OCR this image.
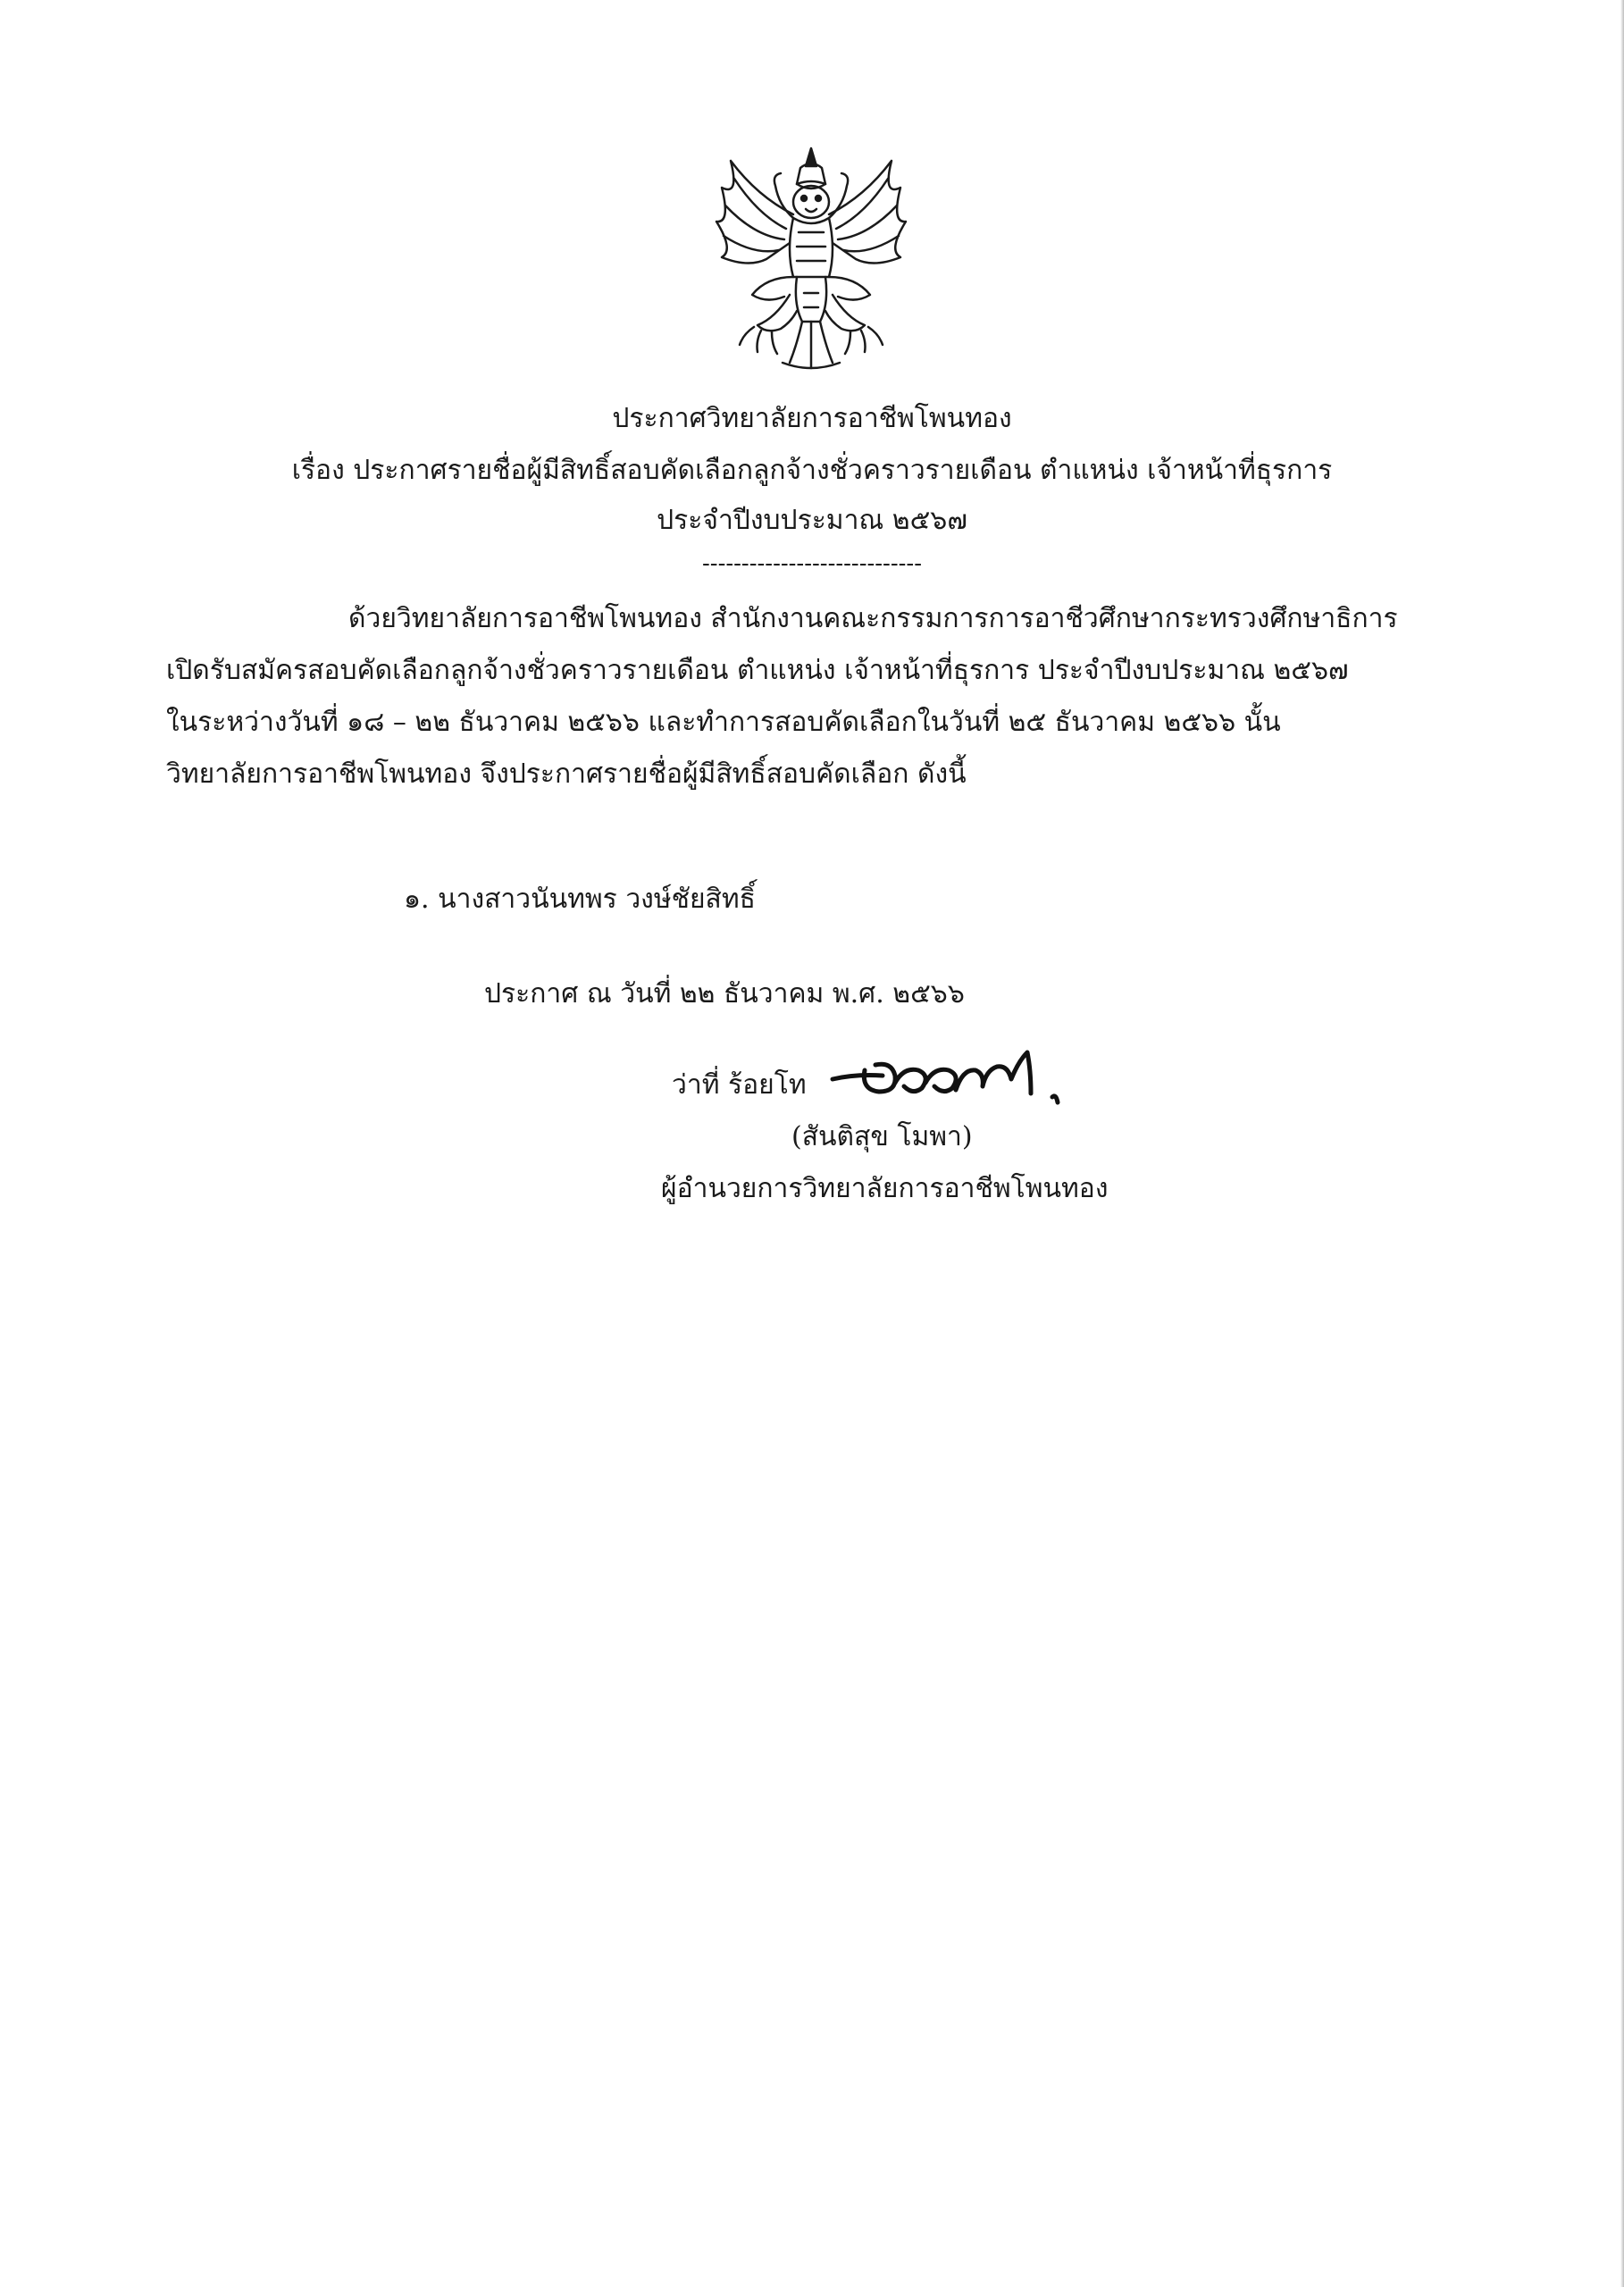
ประกาศวิทยาลัยการอาชีพโพนทอง
เรื่อง ประกาศรายชื่อผู้มีสิทธิ์สอบคัดเลือกลูกจ้างชั่วคราวรายเดือน ตำแหน่ง เจ้าหน้าที่ธุรการ
ประจำปีงบประมาณ ๒๕๖๗
----------------------------
ด้วยวิทยาลัยการอาชีพโพนทอง สำนักงานคณะกรรมการการอาชีวศึกษากระทรวงศึกษาธิการ
เปิดรับสมัครสอบคัดเลือกลูกจ้างชั่วคราวรายเดือน ตำแหน่ง เจ้าหน้าที่ธุรการ ประจำปีงบประมาณ ๒๕๖๗
ในระหว่างวันที่ ๑๘ – ๒๒ ธันวาคม ๒๕๖๖ และทำการสอบคัดเลือกในวันที่ ๒๕ ธันวาคม ๒๕๖๖ นั้น
วิทยาลัยการอาชีพโพนทอง จึงประกาศรายชื่อผู้มีสิทธิ์สอบคัดเลือก ดังนี้
๑. นางสาวนันทพร วงษ์ชัยสิทธิ์
ประกาศ ณ วันที่ ๒๒ ธันวาคม พ.ศ. ๒๕๖๖
ว่าที่ ร้อยโท
(สันติสุข โมพา)
ผู้อำนวยการวิทยาลัยการอาชีพโพนทอง
